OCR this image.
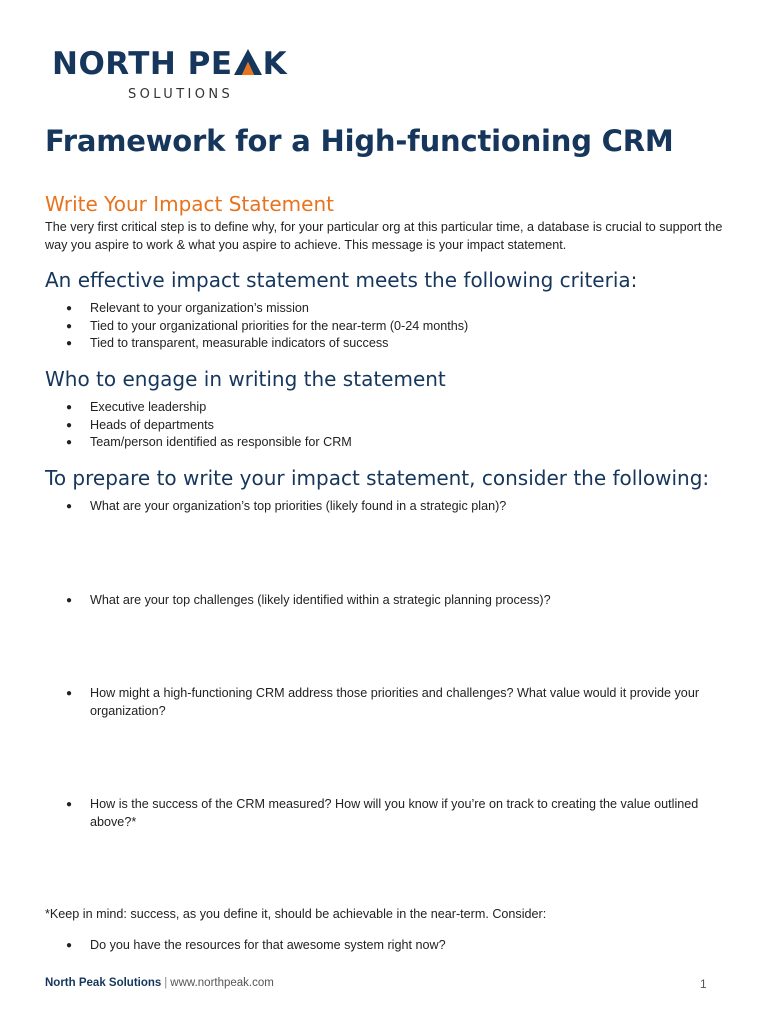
NORTH PE K
SOLUTIONS
Framework for a High-functioning CRM
Write Your Impact Statement

The very first critical step is to define why, for your particular org at this particular time, a database is crucial to support the way you aspire to work & what you aspire to achieve. This message is your impact statement.

An effective impact statement meets the following criteria:
● Relevant to your organization’s mission
● Tied to your organizational priorities for the near-term (0-24 months)
● Tied to transparent, measurable indicators of success
Who to engage in writing the statement
● Executive leadership
● Heads of departments
● Team/person identified as responsible for CRM
To prepare to write your impact statement, consider the following:
● What are your organization’s top priorities (likely found in a strategic plan)?
● What are your top challenges (likely identified within a strategic planning process)?
● How might a high-functioning CRM address those priorities and challenges? What value would it provide your organization?
● How is the success of the CRM measured? How will you know if you’re on track to creating the value outlined above?*

*Keep in mind: success, as you define it, should be achievable in the near-term. Consider:

● Do you have the resources for that awesome system right now?
North Peak Solutions | www.northpeak.com	1
